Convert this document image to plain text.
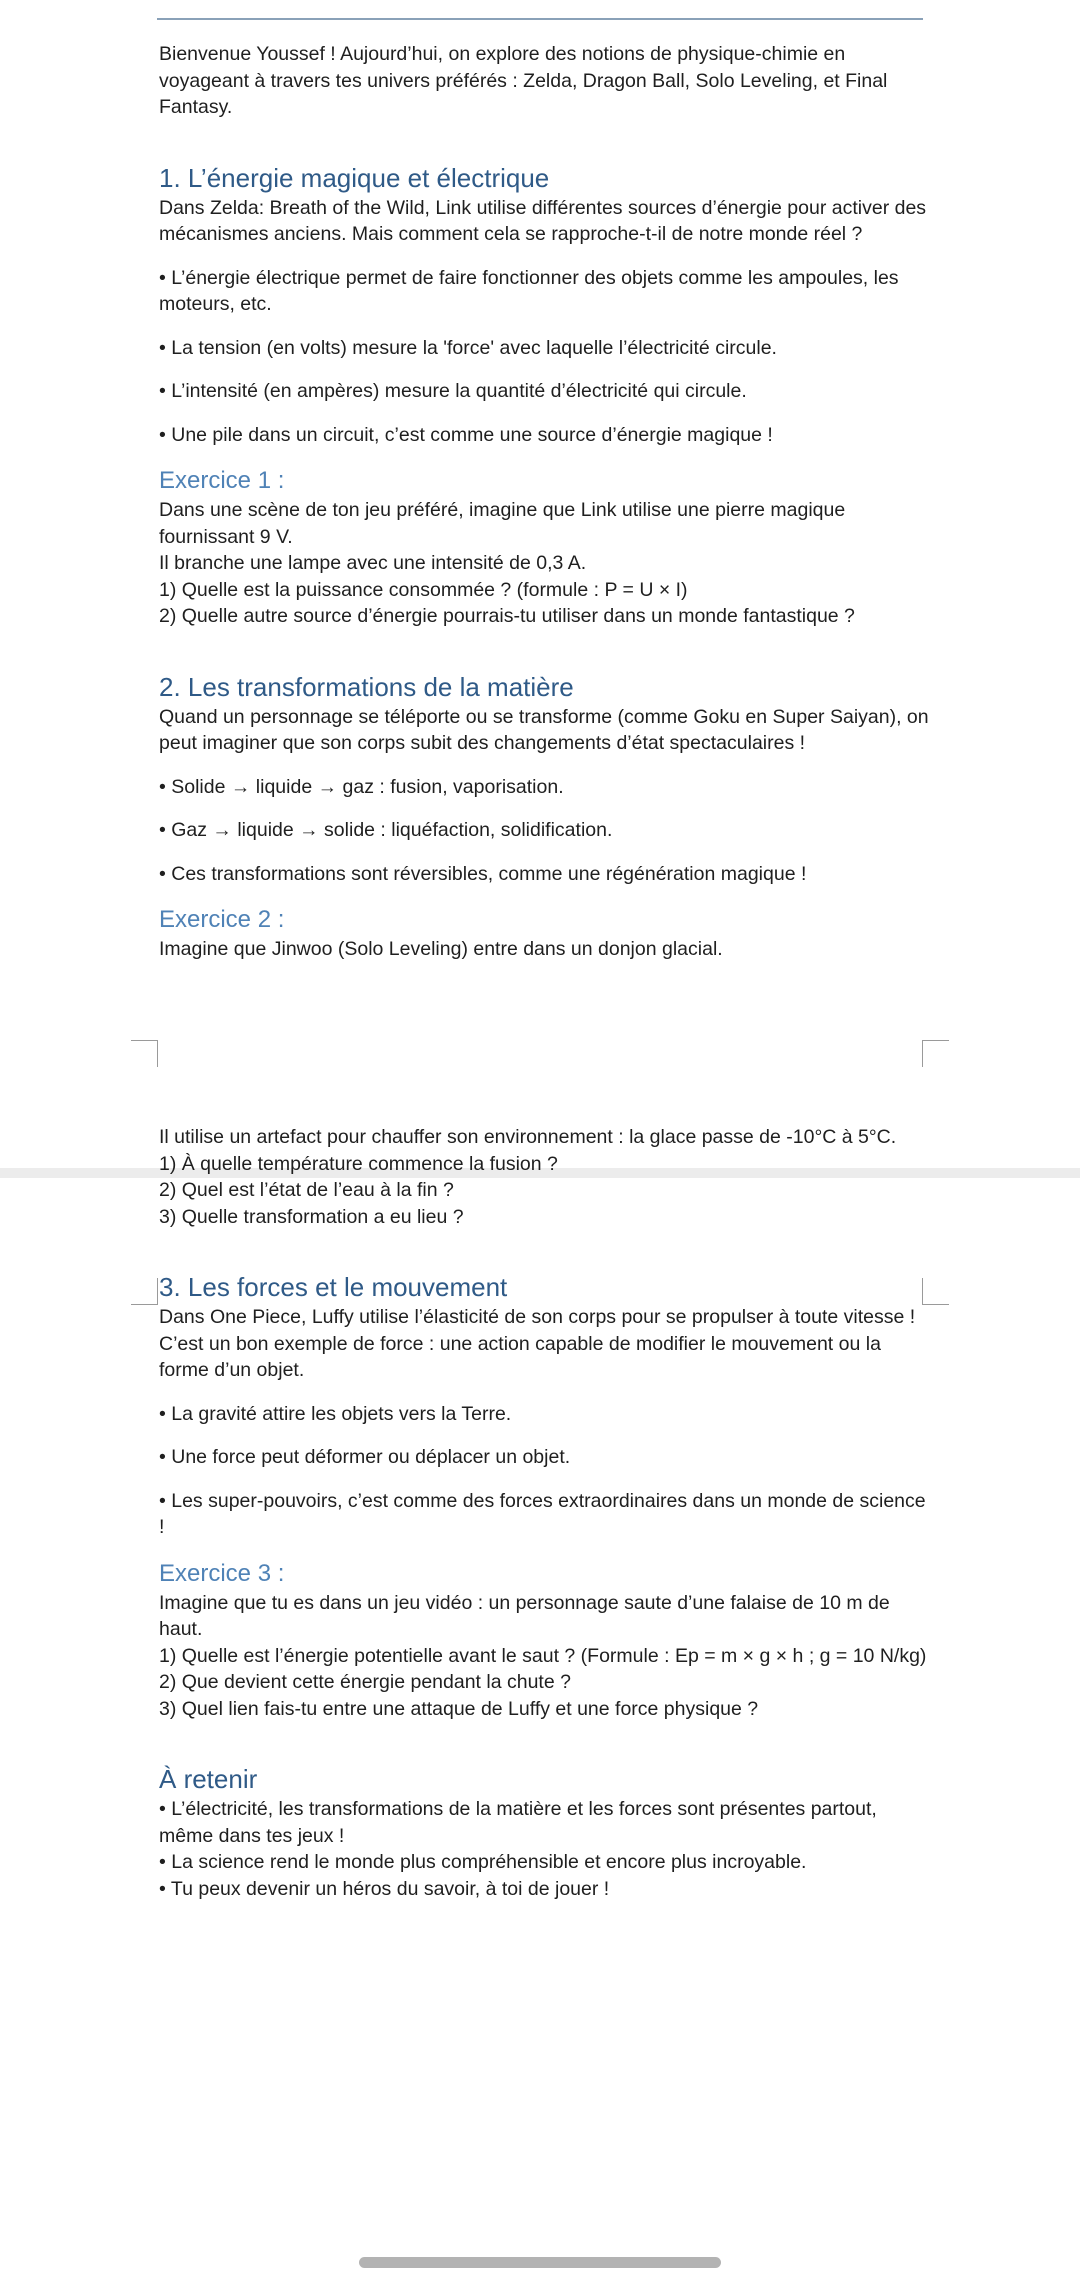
Bienvenue Youssef ! Aujourd’hui, on explore des notions de physique-chimie en voyageant à travers tes univers préférés : Zelda, Dragon Ball, Solo Leveling, et Final Fantasy.

1. L’énergie magique et électrique

Dans Zelda: Breath of the Wild, Link utilise différentes sources d’énergie pour activer des mécanismes anciens. Mais comment cela se rapproche-t-il de notre monde réel ?

• L’énergie électrique permet de faire fonctionner des objets comme les ampoules, les moteurs, etc.

• La tension (en volts) mesure la 'force' avec laquelle l’électricité circule.

• L’intensité (en ampères) mesure la quantité d’électricité qui circule.

• Une pile dans un circuit, c’est comme une source d’énergie magique !

Exercice 1 :

Dans une scène de ton jeu préféré, imagine que Link utilise une pierre magique fournissant 9 V.

Il branche une lampe avec une intensité de 0,3 A.

1) Quelle est la puissance consommée ? (formule : P = U × I)

2) Quelle autre source d’énergie pourrais-tu utiliser dans un monde fantastique ?

2. Les transformations de la matière

Quand un personnage se téléporte ou se transforme (comme Goku en Super Saiyan), on peut imaginer que son corps subit des changements d’état spectaculaires !

• Solide → liquide → gaz : fusion, vaporisation.

• Gaz → liquide → solide : liquéfaction, solidification.

• Ces transformations sont réversibles, comme une régénération magique !

Exercice 2 :

Imagine que Jinwoo (Solo Leveling) entre dans un donjon glacial.

Il utilise un artefact pour chauffer son environnement : la glace passe de -10°C à 5°C.

1) À quelle température commence la fusion ?

2) Quel est l’état de l’eau à la fin ?

3) Quelle transformation a eu lieu ?

3. Les forces et le mouvement

Dans One Piece, Luffy utilise l’élasticité de son corps pour se propulser à toute vitesse !

C’est un bon exemple de force : une action capable de modifier le mouvement ou la forme d’un objet.

• La gravité attire les objets vers la Terre.

• Une force peut déformer ou déplacer un objet.

• Les super-pouvoirs, c’est comme des forces extraordinaires dans un monde de science !

Exercice 3 :

Imagine que tu es dans un jeu vidéo : un personnage saute d’une falaise de 10 m de haut.

1) Quelle est l’énergie potentielle avant le saut ? (Formule : Ep = m × g × h ; g = 10 N/kg)

2) Que devient cette énergie pendant la chute ?

3) Quel lien fais-tu entre une attaque de Luffy et une force physique ?

À retenir

• L’électricité, les transformations de la matière et les forces sont présentes partout, même dans tes jeux !

• La science rend le monde plus compréhensible et encore plus incroyable.

• Tu peux devenir un héros du savoir, à toi de jouer !
